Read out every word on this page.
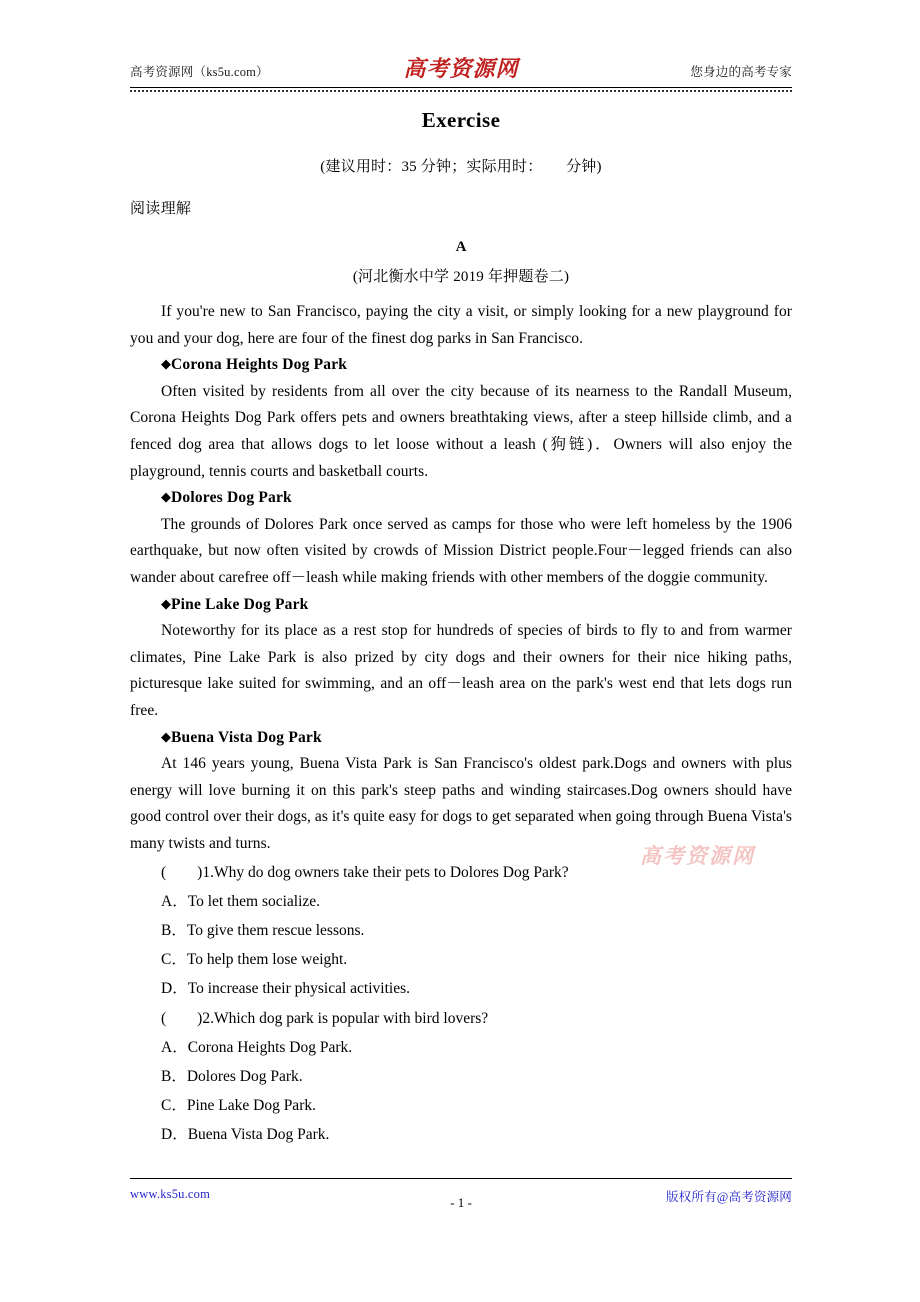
高考资源网（ks5u.com）	高考资源网	您身边的高考专家
Exercise
(建议用时：35 分钟；实际用时：      分钟)
阅读理解
A
(河北衡水中学 2019 年押题卷二)

If you're new to San Francisco, paying the city a visit, or simply looking for a new playground for you and your dog, here are four of the finest dog parks in San Francisco.

◆Corona Heights Dog Park

Often visited by residents from all over the city because of its nearness to the Randall Museum, Corona Heights Dog Park offers pets and owners breathtaking views, after a steep hillside climb, and a fenced dog area that allows dogs to let loose without a leash (狗链)．Owners will also enjoy the playground, tennis courts and basketball courts.

◆Dolores Dog Park

The grounds of Dolores Park once served as camps for those who were left homeless by the 1906 earthquake, but now often visited by crowds of Mission District people.Four－legged friends can also wander about carefree off－leash while making friends with other members of the doggie community.

◆Pine Lake Dog Park

Noteworthy for its place as a rest stop for hundreds of species of birds to fly to and from warmer climates, Pine Lake Park is also prized by city dogs and their owners for their nice hiking paths, picturesque lake suited for swimming, and an off－leash area on the park's west end that lets dogs run free.

◆Buena Vista Dog Park

At 146 years young, Buena Vista Park is San Francisco's oldest park.Dogs and owners with plus energy will love burning it on this park's steep paths and winding staircases.Dog owners should have good control over their dogs, as it's quite easy for dogs to get separated when going through Buena Vista's many twists and turns.

(　　)1.Why do dog owners take their pets to Dolores Dog Park?

A．To let them socialize.

B．To give them rescue lessons.

C．To help them lose weight.

D．To increase their physical activities.

(　　)2.Which dog park is popular with bird lovers?

A．Corona Heights Dog Park.

B．Dolores Dog Park.

C．Pine Lake Dog Park.

D．Buena Vista Dog Park.

高考资源网
www.ks5u.com
- 1 -	版权所有@高考资源网
